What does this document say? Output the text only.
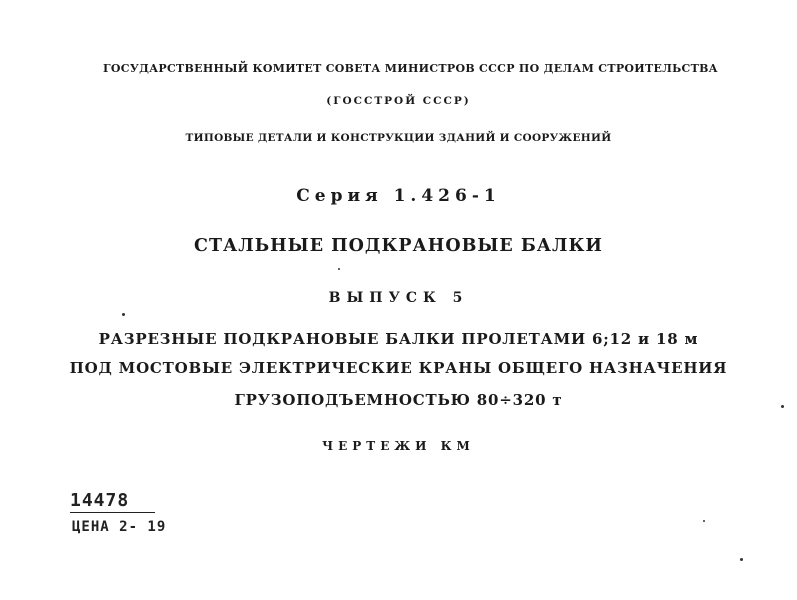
ГОСУДАРСТВЕННЫЙ КОМИТЕТ СОВЕТА МИНИСТРОВ СССР ПО ДЕЛАМ СТРОИТЕЛЬСТВА
(ГОССТРОЙ СССР)
ТИПОВЫЕ ДЕТАЛИ И КОНСТРУКЦИИ ЗДАНИЙ И СООРУЖЕНИЙ
Серия 1.426-1
СТАЛЬНЫЕ ПОДКРАНОВЫЕ БАЛКИ
ВЫПУСК 5
РАЗРЕЗНЫЕ ПОДКРАНОВЫЕ БАЛКИ ПРОЛЕТАМИ 6;12 и 18 м
ПОД МОСТОВЫЕ ЭЛЕКТРИЧЕСКИЕ КРАНЫ ОБЩЕГО НАЗНАЧЕНИЯ
ГРУЗОПОДЪЕМНОСТЬЮ 80÷320 т
ЧЕРТЕЖИ КМ
14478
ЦЕНА 2- 19
